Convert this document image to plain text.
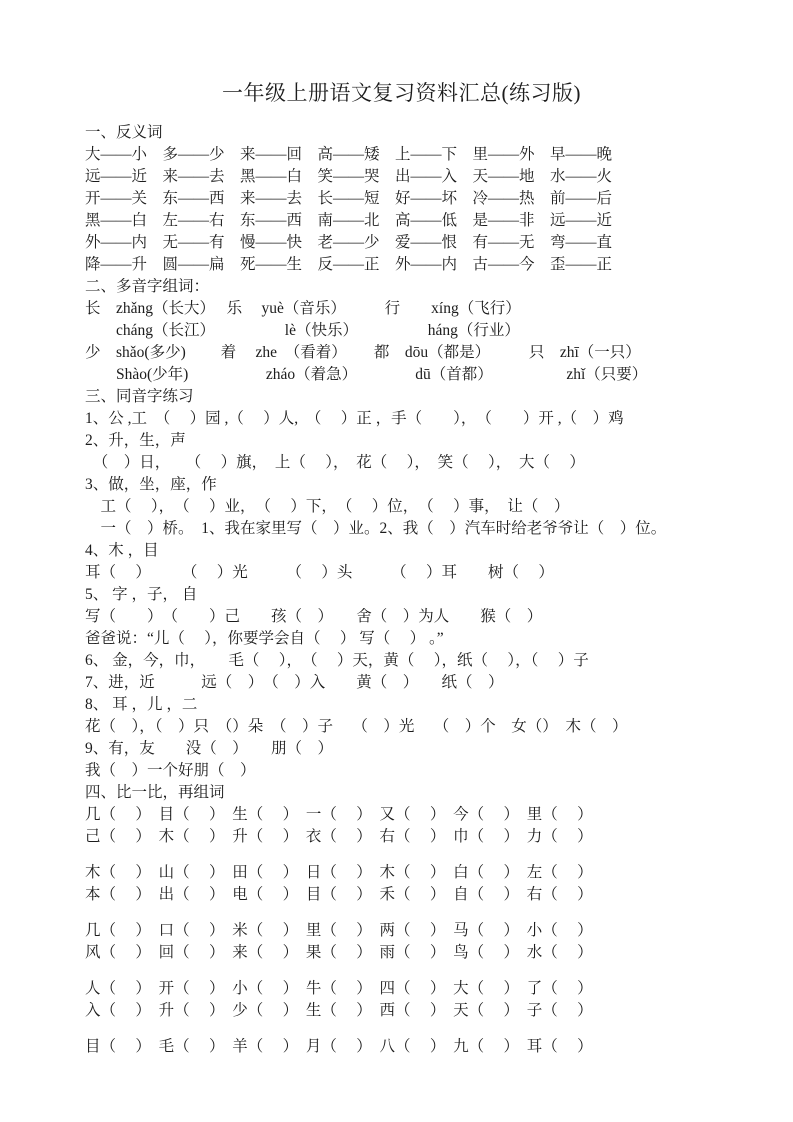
一年级上册语文复习资料汇总(练习版)
一、反义词
大——小　多——少　来——回　高——矮　上——下　里——外　早——晚
远——近　来——去　黑——白　笑——哭　出——入　天——地　水——火
开——关　东——西　来——去　长——短　好——坏　冷——热　前——后
黑——白　左——右　东——西　南——北　高——低　是——非　远——近
外——内　无——有　慢——快　老——少　爱——恨　有——无　弯——直
降——升　圆——扁　死——生　反——正　外——内　古——今　歪——正
二、多音字组词：
长　zhǎng（长大）　 乐　 yuè（音乐）　　　行　　xíng（飞行）
　　cháng（长江）　　　　　lè（快乐）　　　　　háng（行业）
少　shǎo(多少)　　 着　 zhe　（看着）　　 都　dōu（都是）　　　只　zhī（一只）
　　Shào(少年)　　　　　zháo（着急）　　　　 dū（首都）　　　　　 zhǐ（只要）
三、同音字练习
1、公 ,工　（　 ）园 ,（　 ）人,　（　 ）正 ，手（　　），　（　　）开 ,（　）鸡
2、升，生，声
（　）日，　　（　 ）旗，　上（　 ），　花（　 ），　笑（　 ），　大（　 ）
3、做，坐，座，作
　工（　 ），　（　 ）业，　（　 ）下，　（　 ）位，　（　 ）事，　让（　）
　一（　）桥。　1、我在家里写（　）业。2、我（　）汽车时给老爷爷让（　）位。
4、木 ，目
耳（　 ）　　　（　 ）光　　　（　 ）头　　　（　 ）耳　　树（　 ）
5、 字 ，子， 自
写（　　）　（　　）己　　孩（　）　　舍（　）为人　　猴（　）
爸爸说：“儿（　 ），你要学会自（　 ） 写（　 ） 。”
6、 金，今，巾，　　毛（　 ），　（　 ）天，黄（　 ），纸（　 ），（　 ）子
7、进，近　　　远（　）　（　）入　　黄（　）　　纸（　）
8、 耳 ，儿 ，二
花（　），（　）只　（）朵　（　）子　 （　）光　 （　）个　女（）　木（　）
9、有，友　　没（　）　　朋（　）
我（　）一个好朋（　）
四、比一比，再组词
几（　 ）　目（　 ）　生（　 ）　一（　 ）　又（　 ）　今（　 ）　里（　 ）
己（　 ）　木（　 ）　升（　 ）　衣（　 ）　右（　 ）　巾（　 ）　力（　 ）
木（　 ）　山（　 ）　田（　 ）　日（　 ）　木（　 ）　白（　 ）　左（　 ）
本（　 ）　出（　 ）　电（　 ）　目（　 ）　禾（　 ）　自（　 ）　右（　 ）
几（　 ）　口（　 ）　米（　 ）　里（　 ）　两（　 ）　马（　 ）　小（　 ）
风（　 ）　回（　 ）　来（　 ）　果（　 ）　雨（　 ）　鸟（　 ）　水（　 ）
人（　 ）　开（　 ）　小（　 ）　牛（　 ）　四（　 ）　大（　 ）　了（　 ）
入（　 ）　升（　 ）　少（　 ）　生（　 ）　西（　 ）　天（　 ）　子（　 ）
目（　 ）　毛（　 ）　羊（　 ）　月（　 ）　八（　 ）　九（　 ）　耳（　 ）
